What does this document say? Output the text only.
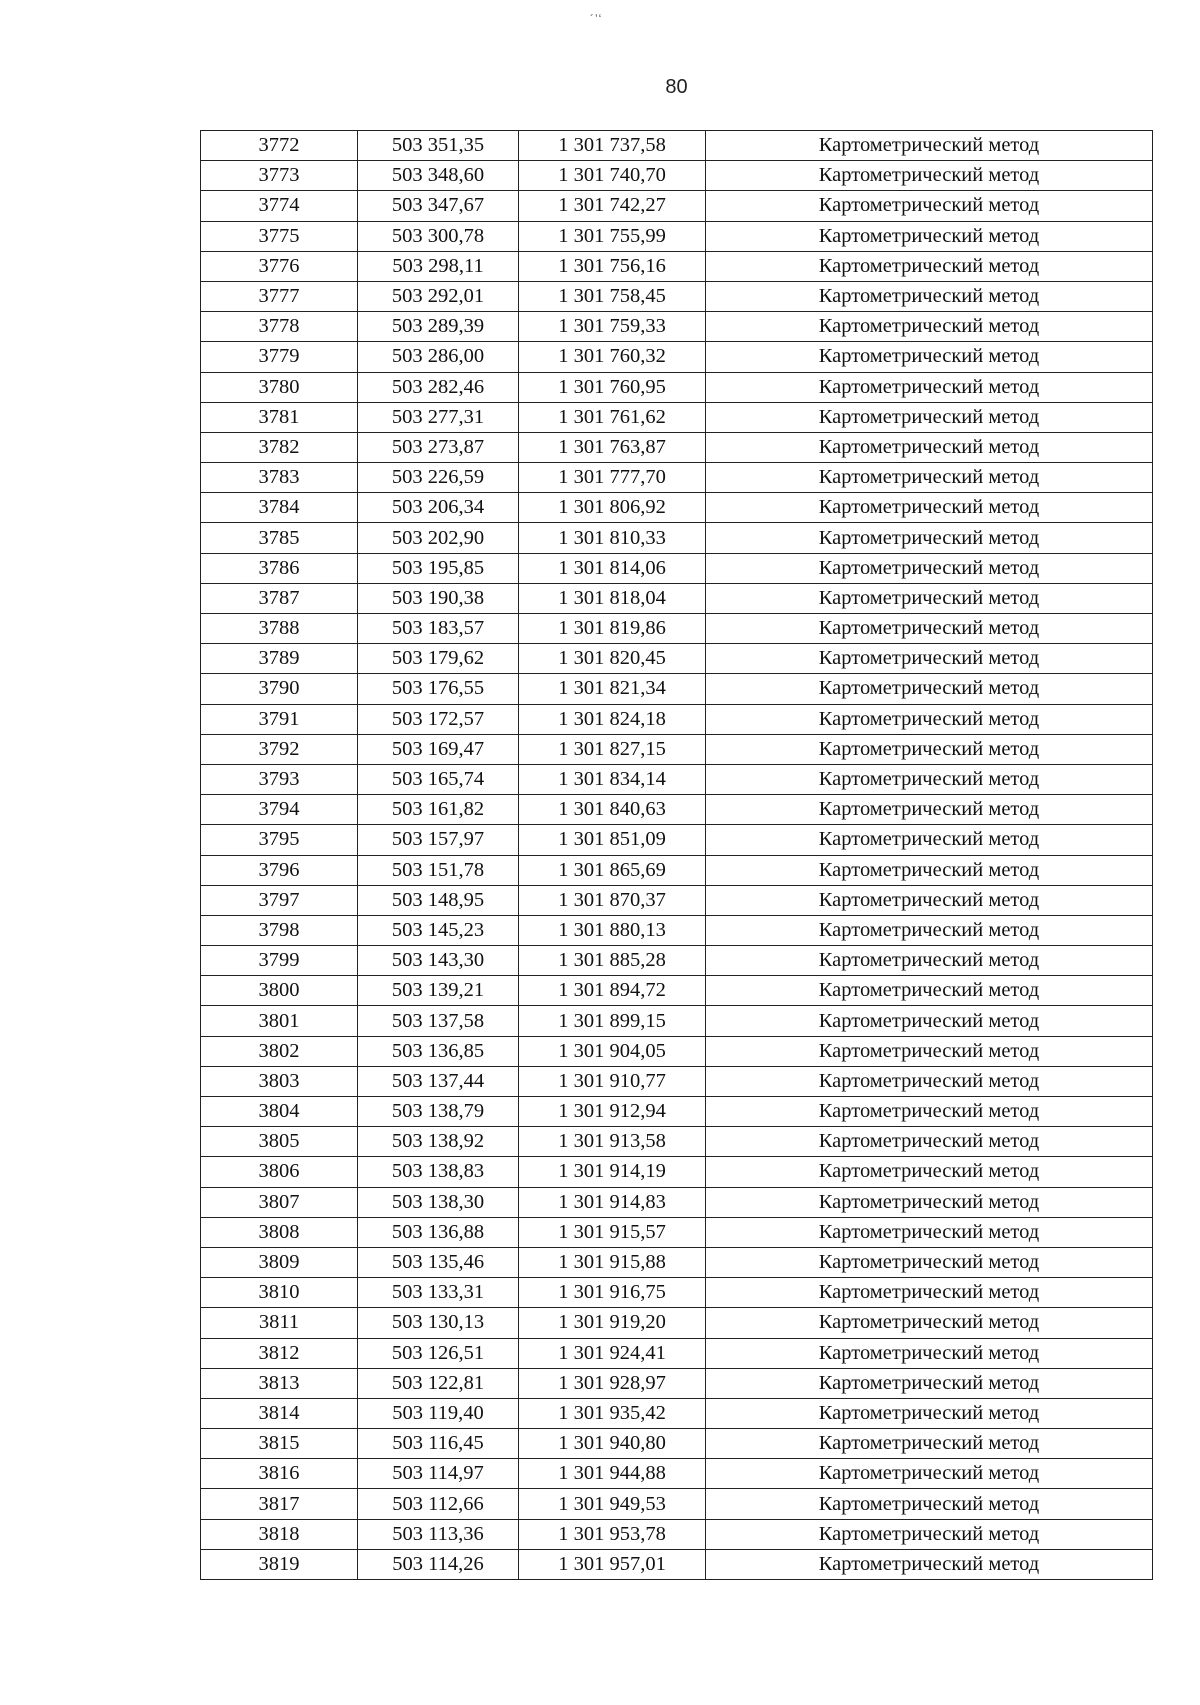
´ʼʻ
80
3772	503 351,35	1 301 737,58	Картометрический метод
3773	503 348,60	1 301 740,70	Картометрический метод
3774	503 347,67	1 301 742,27	Картометрический метод
3775	503 300,78	1 301 755,99	Картометрический метод
3776	503 298,11	1 301 756,16	Картометрический метод
3777	503 292,01	1 301 758,45	Картометрический метод
3778	503 289,39	1 301 759,33	Картометрический метод
3779	503 286,00	1 301 760,32	Картометрический метод
3780	503 282,46	1 301 760,95	Картометрический метод
3781	503 277,31	1 301 761,62	Картометрический метод
3782	503 273,87	1 301 763,87	Картометрический метод
3783	503 226,59	1 301 777,70	Картометрический метод
3784	503 206,34	1 301 806,92	Картометрический метод
3785	503 202,90	1 301 810,33	Картометрический метод
3786	503 195,85	1 301 814,06	Картометрический метод
3787	503 190,38	1 301 818,04	Картометрический метод
3788	503 183,57	1 301 819,86	Картометрический метод
3789	503 179,62	1 301 820,45	Картометрический метод
3790	503 176,55	1 301 821,34	Картометрический метод
3791	503 172,57	1 301 824,18	Картометрический метод
3792	503 169,47	1 301 827,15	Картометрический метод
3793	503 165,74	1 301 834,14	Картометрический метод
3794	503 161,82	1 301 840,63	Картометрический метод
3795	503 157,97	1 301 851,09	Картометрический метод
3796	503 151,78	1 301 865,69	Картометрический метод
3797	503 148,95	1 301 870,37	Картометрический метод
3798	503 145,23	1 301 880,13	Картометрический метод
3799	503 143,30	1 301 885,28	Картометрический метод
3800	503 139,21	1 301 894,72	Картометрический метод
3801	503 137,58	1 301 899,15	Картометрический метод
3802	503 136,85	1 301 904,05	Картометрический метод
3803	503 137,44	1 301 910,77	Картометрический метод
3804	503 138,79	1 301 912,94	Картометрический метод
3805	503 138,92	1 301 913,58	Картометрический метод
3806	503 138,83	1 301 914,19	Картометрический метод
3807	503 138,30	1 301 914,83	Картометрический метод
3808	503 136,88	1 301 915,57	Картометрический метод
3809	503 135,46	1 301 915,88	Картометрический метод
3810	503 133,31	1 301 916,75	Картометрический метод
3811	503 130,13	1 301 919,20	Картометрический метод
3812	503 126,51	1 301 924,41	Картометрический метод
3813	503 122,81	1 301 928,97	Картометрический метод
3814	503 119,40	1 301 935,42	Картометрический метод
3815	503 116,45	1 301 940,80	Картометрический метод
3816	503 114,97	1 301 944,88	Картометрический метод
3817	503 112,66	1 301 949,53	Картометрический метод
3818	503 113,36	1 301 953,78	Картометрический метод
3819	503 114,26	1 301 957,01	Картометрический метод
